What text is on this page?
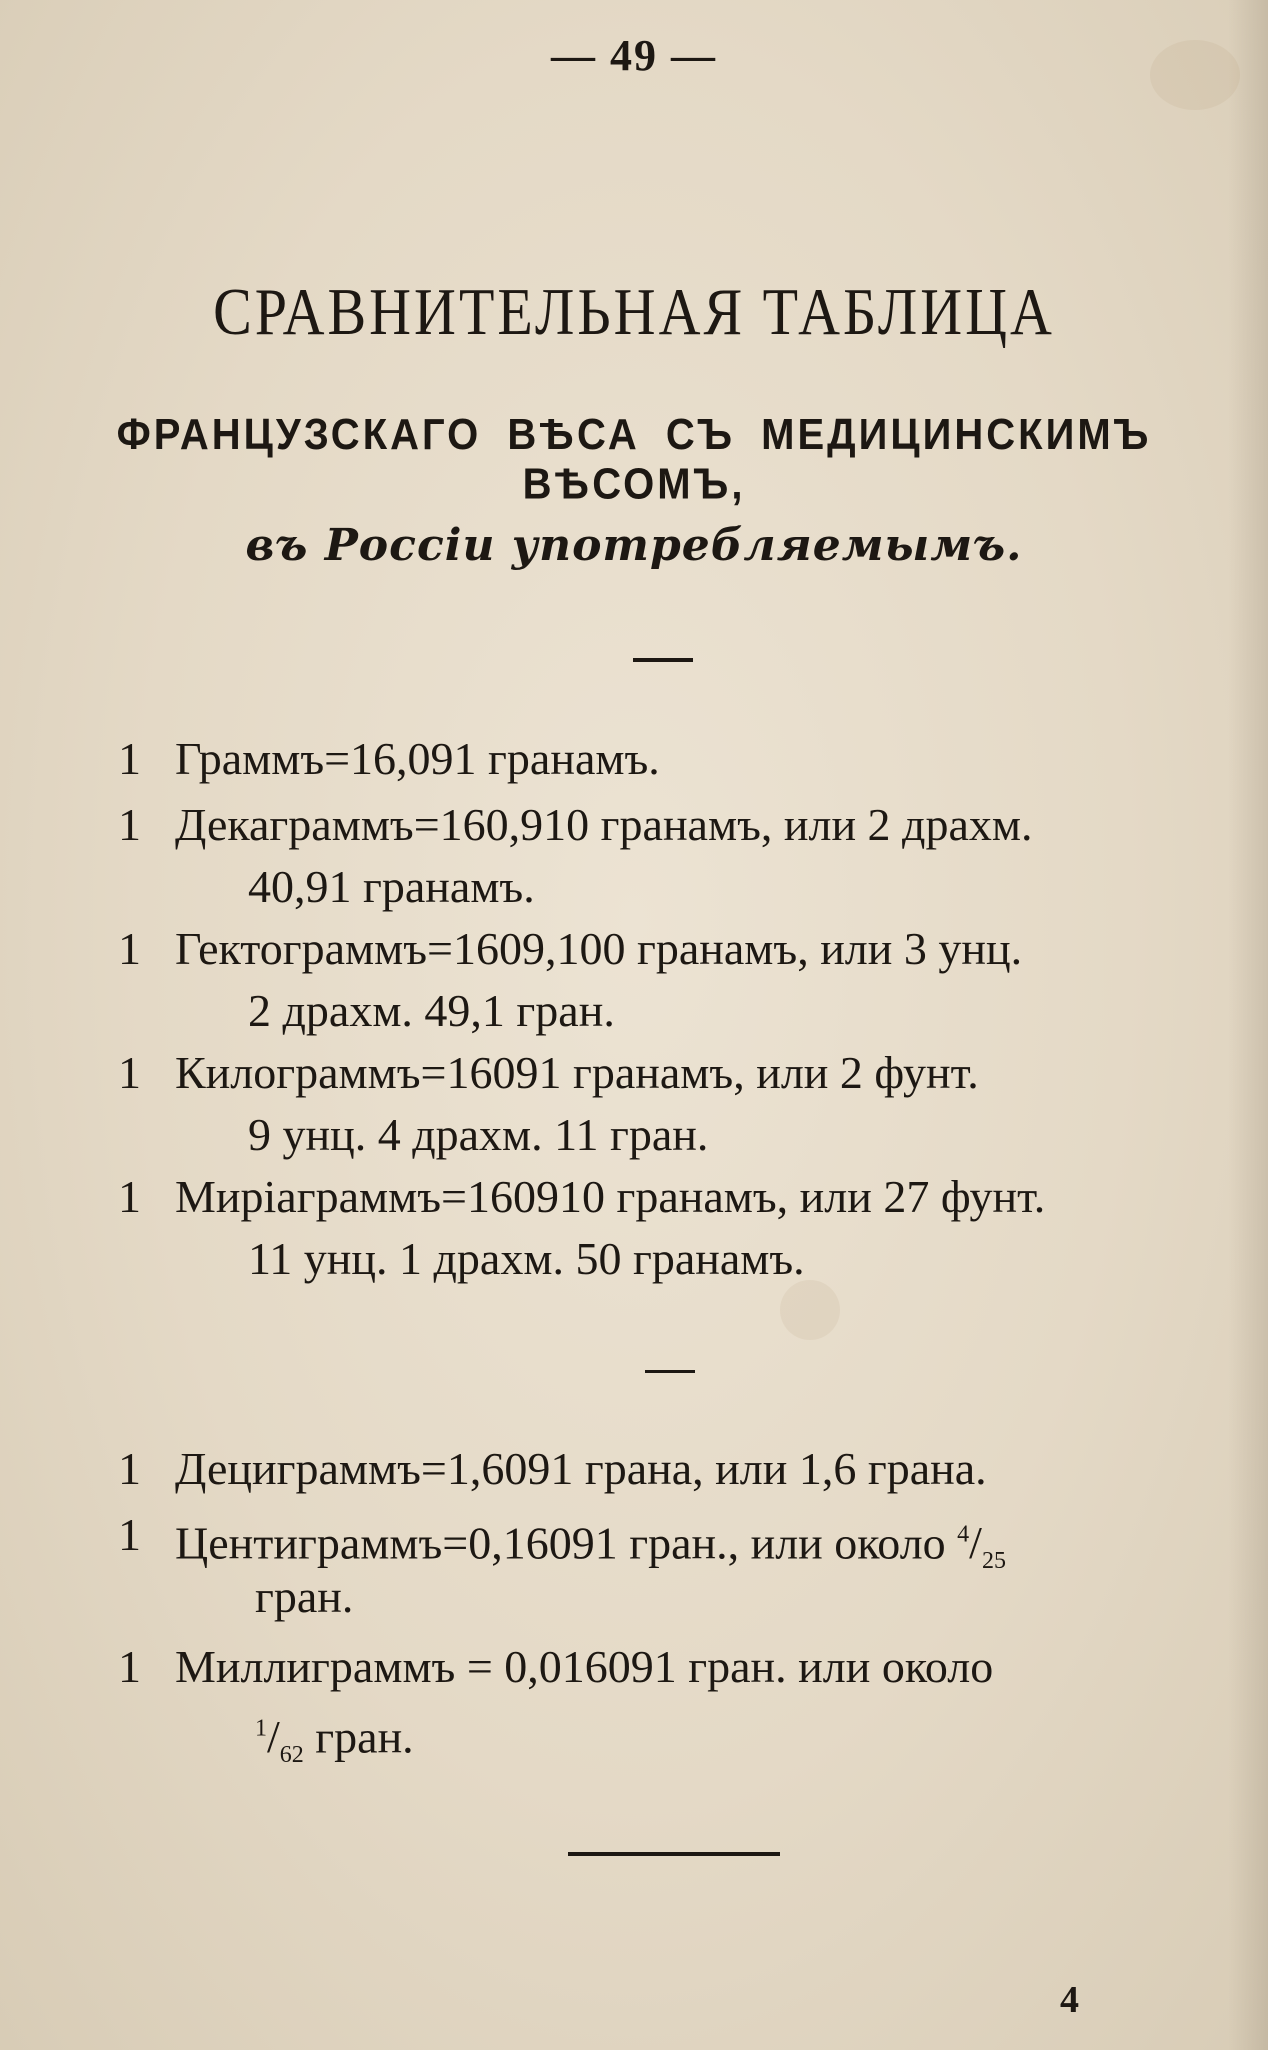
— 49 —
СРАВНИТЕЛЬНАЯ ТАБЛИЦА
ФРАНЦУЗСКАГО ВѢСА СЪ МЕДИЦИНСКИМЪ ВѢСОМЪ,
въ Россіи употребляемымъ.
1 Граммъ=16,091 гранамъ.
1 Декаграммъ=160,910 гранамъ, или 2 драхм.
40,91 гранамъ.
1 Гектограммъ=1609,100 гранамъ, или 3 унц.
2 драхм. 49,1 гран.
1 Килограммъ=16091 гранамъ, или 2 фунт.
9 унц. 4 драхм. 11 гран.
1 Миріаграммъ=160910 гранамъ, или 27 фунт.
11 унц. 1 драхм. 50 гранамъ.
1 Дециграммъ=1,6091 грана, или 1,6 грана.
1 Центиграммъ=0,16091 гран., или около $^4/_{25}$
гран.
1 Миллиграммъ = 0,016091 гран. или около
$^1/_{62}$ гран.
4
